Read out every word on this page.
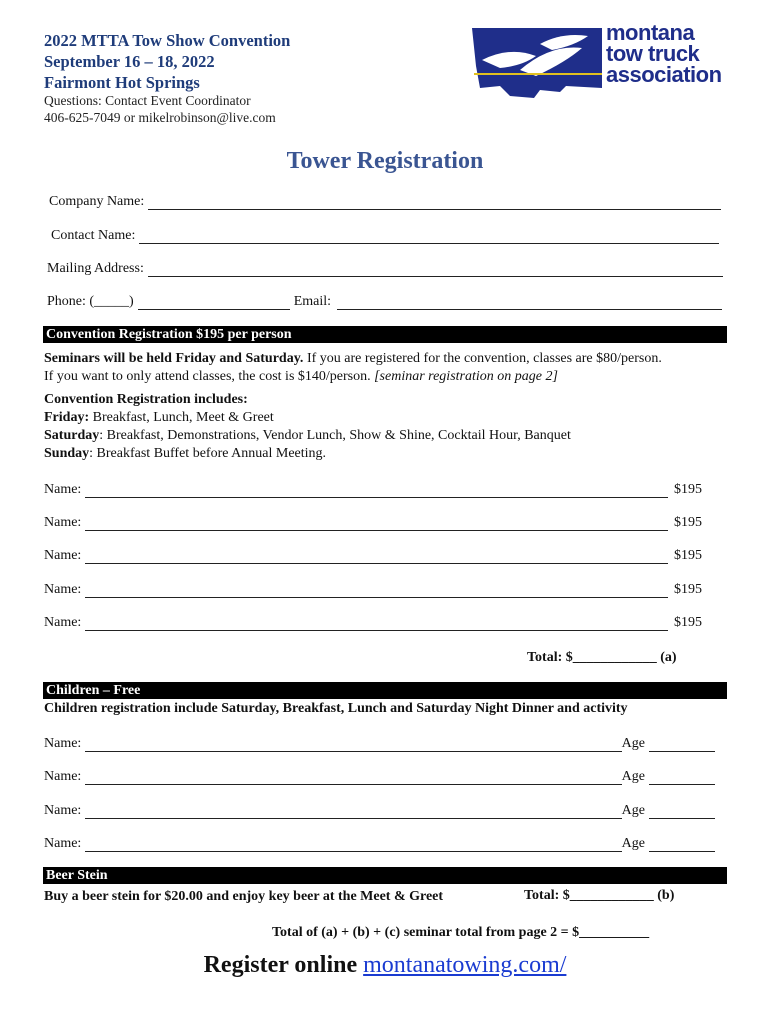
2022 MTTA Tow Show Convention
September 16 – 18, 2022
Fairmont Hot Springs
Questions: Contact Event Coordinator
406-625-7049 or mikelrobinson@live.com
montana
tow truck
association
Tower Registration
Company Name:
Contact Name:
Mailing Address:
Phone: (_____)	Email:
Convention Registration $195 per person
Seminars will be held Friday and Saturday. If you are registered for the convention, classes are $80/person.
If you want to only attend classes, the cost is $140/person. [seminar registration on page 2]
Convention Registration includes:
Friday: Breakfast, Lunch, Meet & Greet
Saturday: Breakfast, Demonstrations, Vendor Lunch, Show & Shine, Cocktail Hour, Banquet
Sunday: Breakfast Buffet before Annual Meeting.
Name:	$195
Name:	$195
Name:	$195
Name:	$195
Name:	$195
Total: $____________ (a)
Children – Free
Children registration include Saturday, Breakfast, Lunch and Saturday Night Dinner and activity
Name:	Age
Name:	Age
Name:	Age
Name:	Age
Beer Stein
Buy a beer stein for $20.00 and enjoy key beer at the Meet & Greet	Total: $____________ (b)
Total of (a) + (b) + (c) seminar total from page 2 = $__________
Register online montanatowing.com/
